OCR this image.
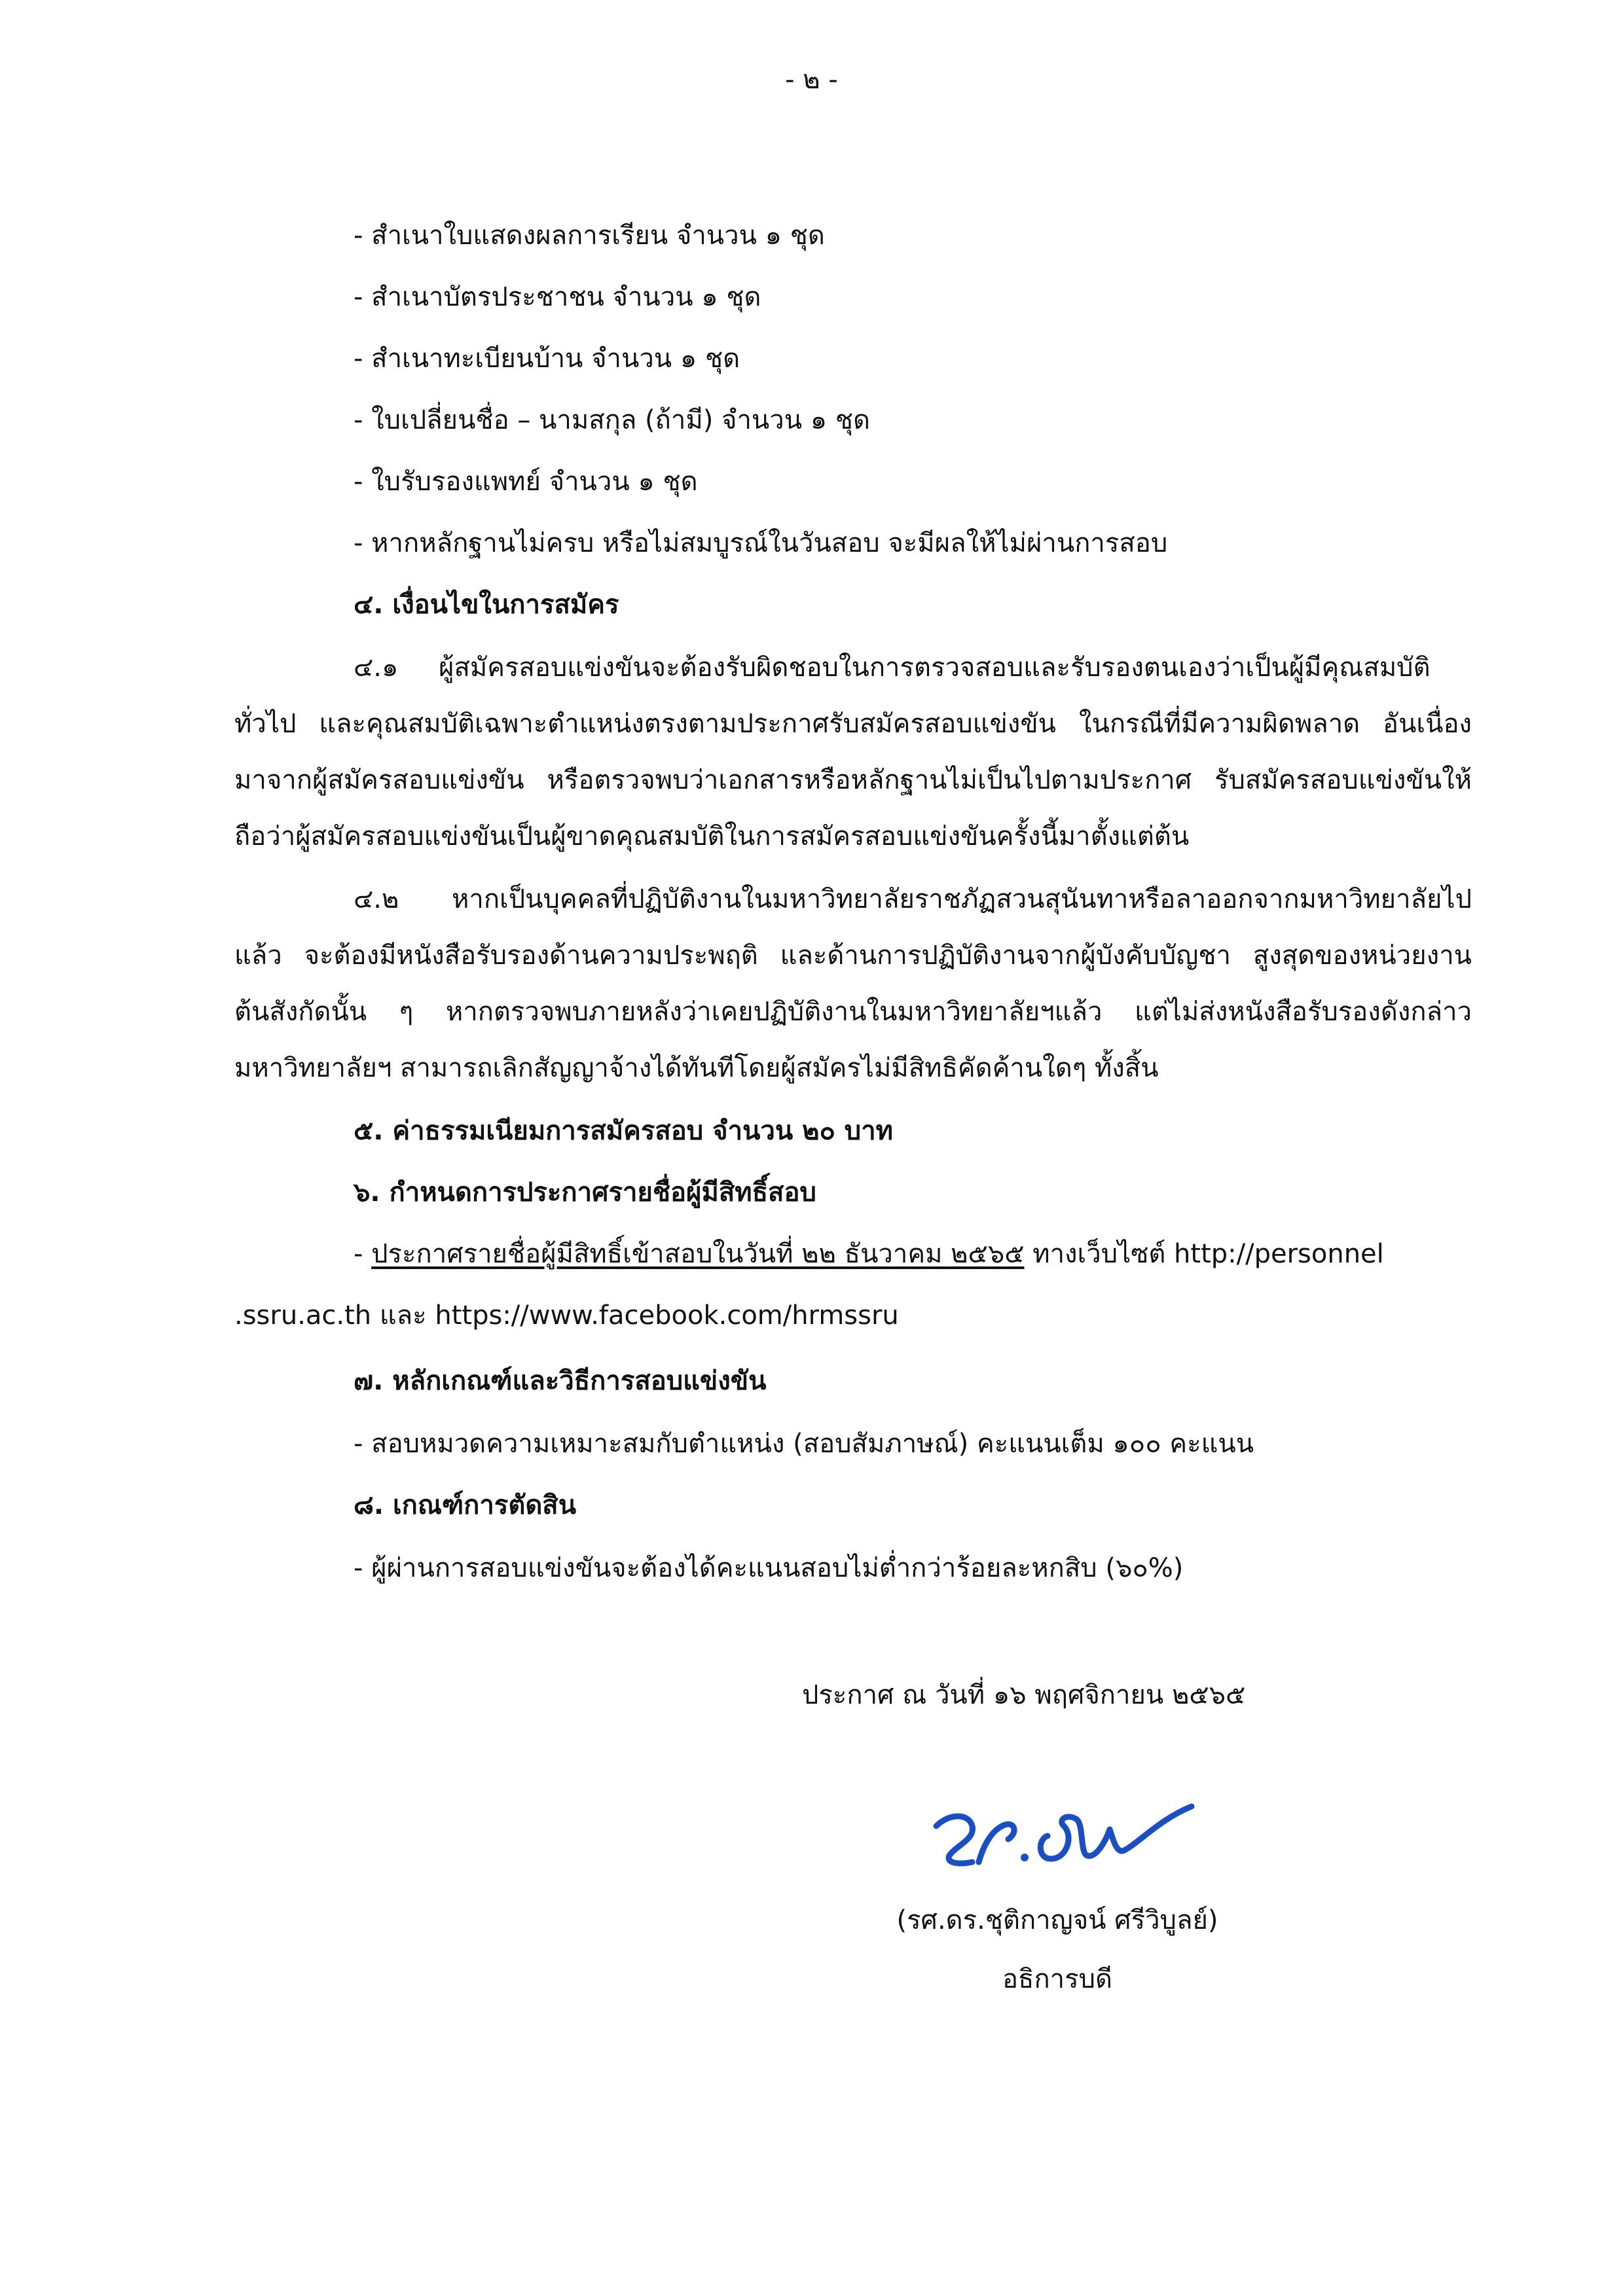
- ๒ -
- สำเนาใบแสดงผลการเรียน จำนวน ๑ ชุด
- สำเนาบัตรประชาชน จำนวน ๑ ชุด
- สำเนาทะเบียนบ้าน จำนวน ๑ ชุด
- ใบเปลี่ยนชื่อ – นามสกุล (ถ้ามี) จำนวน ๑ ชุด
- ใบรับรองแพทย์ จำนวน ๑ ชุด
- หากหลักฐานไม่ครบ หรือไม่สมบูรณ์ในวันสอบ จะมีผลให้ไม่ผ่านการสอบ
๔. เงื่อนไขในการสมัคร
๔.๑ ผู้สมัครสอบแข่งขันจะต้องรับผิดชอบในการตรวจสอบและรับรองตนเองว่าเป็นผู้มีคุณสมบัติ
ทั่วไป และคุณสมบัติเฉพาะตำแหน่งตรงตามประกาศรับสมัครสอบแข่งขัน ในกรณีที่มีความผิดพลาด อันเนื่อง
มาจากผู้สมัครสอบแข่งขัน หรือตรวจพบว่าเอกสารหรือหลักฐานไม่เป็นไปตามประกาศ รับสมัครสอบแข่งขันให้
ถือว่าผู้สมัครสอบแข่งขันเป็นผู้ขาดคุณสมบัติในการสมัครสอบแข่งขันครั้งนี้มาตั้งแต่ต้น
๔.๒ หากเป็นบุคคลที่ปฏิบัติงานในมหาวิทยาลัยราชภัฏสวนสุนันทาหรือลาออกจากมหาวิทยาลัยไป
แล้ว จะต้องมีหนังสือรับรองด้านความประพฤติ และด้านการปฏิบัติงานจากผู้บังคับบัญชา สูงสุดของหน่วยงาน
ต้นสังกัดนั้น ๆ หากตรวจพบภายหลังว่าเคยปฏิบัติงานในมหาวิทยาลัยฯแล้ว แต่ไม่ส่งหนังสือรับรองดังกล่าว
มหาวิทยาลัยฯ สามารถเลิกสัญญาจ้างได้ทันทีโดยผู้สมัครไม่มีสิทธิคัดค้านใดๆ ทั้งสิ้น
๕. ค่าธรรมเนียมการสมัครสอบ จำนวน ๒๐ บาท
๖. กำหนดการประกาศรายชื่อผู้มีสิทธิ์สอบ
- ประกาศรายชื่อผู้มีสิทธิ์เข้าสอบในวันที่ ๒๒ ธันวาคม ๒๕๖๕ ทางเว็บไซต์ http://personnel
.ssru.ac.th และ https://www.facebook.com/hrmssru
๗. หลักเกณฑ์และวิธีการสอบแข่งขัน
- สอบหมวดความเหมาะสมกับตำแหน่ง (สอบสัมภาษณ์) คะแนนเต็ม ๑๐๐ คะแนน
๘. เกณฑ์การตัดสิน
- ผู้ผ่านการสอบแข่งขันจะต้องได้คะแนนสอบไม่ต่ำกว่าร้อยละหกสิบ (๖๐%)
ประกาศ ณ วันที่ ๑๖ พฤศจิกายน ๒๕๖๕
(รศ.ดร.ชุติกาญจน์ ศรีวิบูลย์)
อธิการบดี
